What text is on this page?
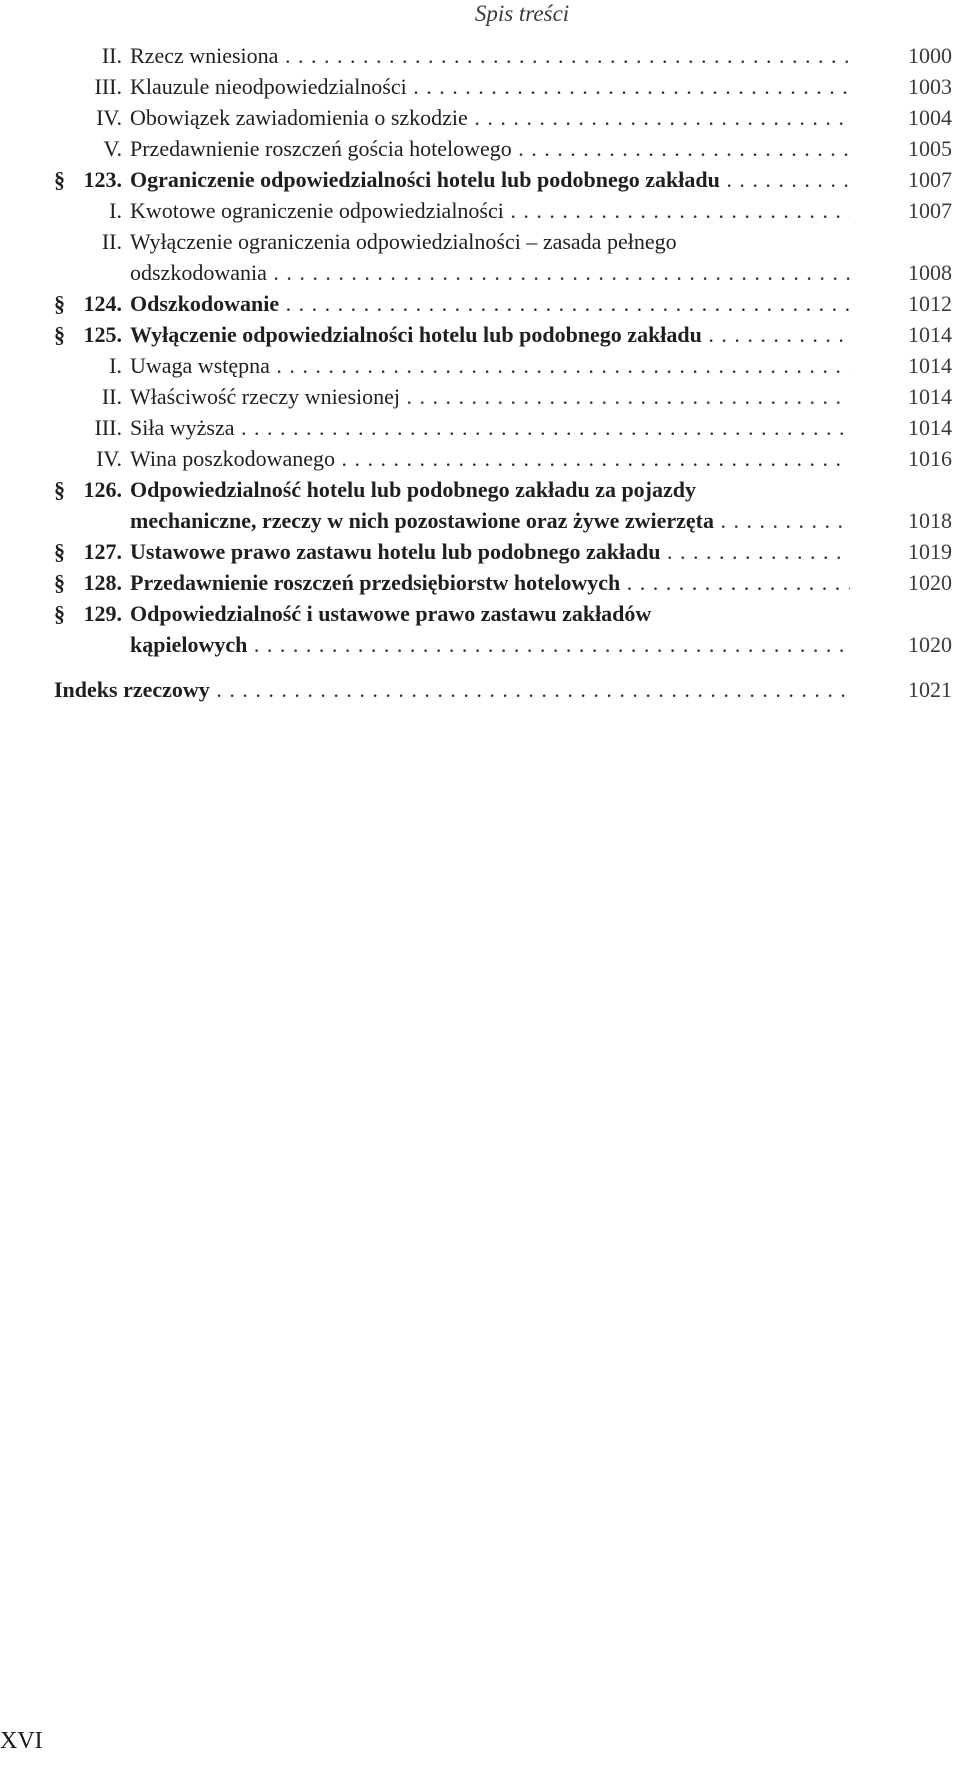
Spis treści
II. Rzecz wniesiona . . .	1000
III. Klauzule nieodpowiedzialności . . .	1003
IV. Obowiązek zawiadomienia o szkodzie . . .	1004
V. Przedawnienie roszczeń gościa hotelowego . . .	1005
§ 123. Ograniczenie odpowiedzialności hotelu lub podobnego zakładu . . .	1007
I. Kwotowe ograniczenie odpowiedzialności . . .	1007
II. Wyłączenie ograniczenia odpowiedzialności – zasada pełnego
odszkodowania . . .	1008
§ 124. Odszkodowanie . . .	1012
§ 125. Wyłączenie odpowiedzialności hotelu lub podobnego zakładu . . .	1014
I. Uwaga wstępna . . .	1014
II. Właściwość rzeczy wniesionej . . .	1014
III. Siła wyższa . . .	1014
IV. Wina poszkodowanego . . .	1016
§ 126. Odpowiedzialność hotelu lub podobnego zakładu za pojazdy
mechaniczne, rzeczy w nich pozostawione oraz żywe zwierzęta . . .	1018
§ 127. Ustawowe prawo zastawu hotelu lub podobnego zakładu . . .	1019
§ 128. Przedawnienie roszczeń przedsiębiorstw hotelowych . . .	1020
§ 129. Odpowiedzialność i ustawowe prawo zastawu zakładów
kąpielowych . . .	1020
Indeks rzeczowy . . .	1021
XVI
